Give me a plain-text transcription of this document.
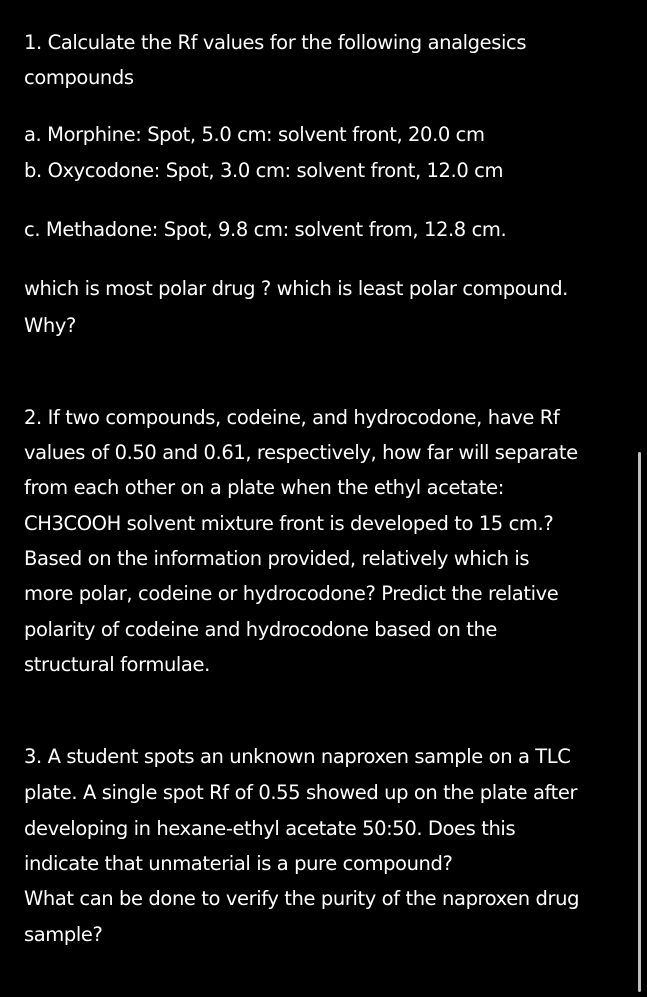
1. Calculate the Rf values for the following analgesics
compounds
a. Morphine: Spot, 5.0 cm: solvent front, 20.0 cm
b. Oxycodone: Spot, 3.0 cm: solvent front, 12.0 cm
c. Methadone: Spot, 9.8 cm: solvent from, 12.8 cm.
which is most polar drug ? which is least polar compound.
Why?
2. If two compounds, codeine, and hydrocodone, have Rf
values of 0.50 and 0.61, respectively, how far will separate
from each other on a plate when the ethyl acetate:
CH3COOH solvent mixture front is developed to 15 cm.?
Based on the information provided, relatively which is
more polar, codeine or hydrocodone? Predict the relative
polarity of codeine and hydrocodone based on the
structural formulae.
3. A student spots an unknown naproxen sample on a TLC
plate. A single spot Rf of 0.55 showed up on the plate after
developing in hexane-ethyl acetate 50:50. Does this
indicate that unmaterial is a pure compound?
What can be done to verify the purity of the naproxen drug
sample?
